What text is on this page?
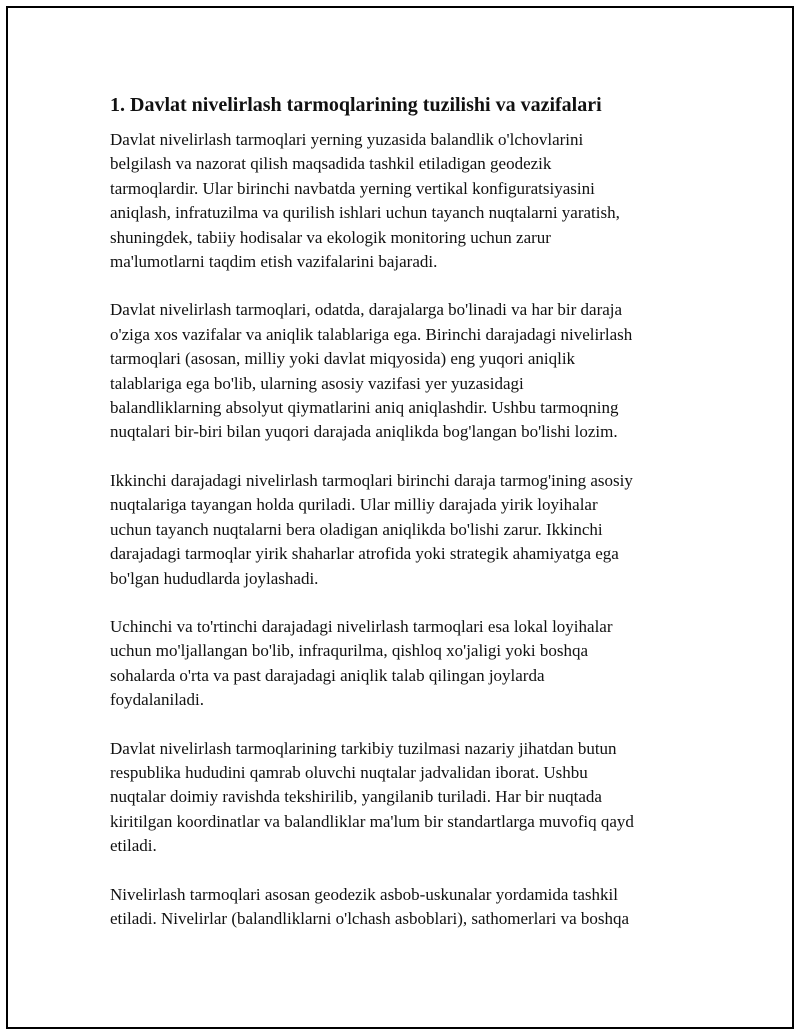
1. Davlat nivelirlash tarmoqlarining tuzilishi va vazifalari

Davlat nivelirlash tarmoqlari yerning yuzasida balandlik o'lchovlarini
belgilash va nazorat qilish maqsadida tashkil etiladigan geodezik
tarmoqlardir. Ular birinchi navbatda yerning vertikal konfiguratsiyasini
aniqlash, infratuzilma va qurilish ishlari uchun tayanch nuqtalarni yaratish,
shuningdek, tabiiy hodisalar va ekologik monitoring uchun zarur
ma'lumotlarni taqdim etish vazifalarini bajaradi.

Davlat nivelirlash tarmoqlari, odatda, darajalarga bo'linadi va har bir daraja
o'ziga xos vazifalar va aniqlik talablariga ega. Birinchi darajadagi nivelirlash
tarmoqlari (asosan, milliy yoki davlat miqyosida) eng yuqori aniqlik
talablariga ega bo'lib, ularning asosiy vazifasi yer yuzasidagi
balandliklarning absolyut qiymatlarini aniq aniqlashdir. Ushbu tarmoqning
nuqtalari bir-biri bilan yuqori darajada aniqlikda bog'langan bo'lishi lozim.

Ikkinchi darajadagi nivelirlash tarmoqlari birinchi daraja tarmog'ining asosiy
nuqtalariga tayangan holda quriladi. Ular milliy darajada yirik loyihalar
uchun tayanch nuqtalarni bera oladigan aniqlikda bo'lishi zarur. Ikkinchi
darajadagi tarmoqlar yirik shaharlar atrofida yoki strategik ahamiyatga ega
bo'lgan hududlarda joylashadi.

Uchinchi va to'rtinchi darajadagi nivelirlash tarmoqlari esa lokal loyihalar
uchun mo'ljallangan bo'lib, infraqurilma, qishloq xo'jaligi yoki boshqa
sohalarda o'rta va past darajadagi aniqlik talab qilingan joylarda
foydalaniladi.

Davlat nivelirlash tarmoqlarining tarkibiy tuzilmasi nazariy jihatdan butun
respublika hududini qamrab oluvchi nuqtalar jadvalidan iborat. Ushbu
nuqtalar doimiy ravishda tekshirilib, yangilanib turiladi. Har bir nuqtada
kiritilgan koordinatlar va balandliklar ma'lum bir standartlarga muvofiq qayd
etiladi.

Nivelirlash tarmoqlari asosan geodezik asbob-uskunalar yordamida tashkil
etiladi. Nivelirlar (balandliklarni o'lchash asboblari), sathomerlari va boshqa
